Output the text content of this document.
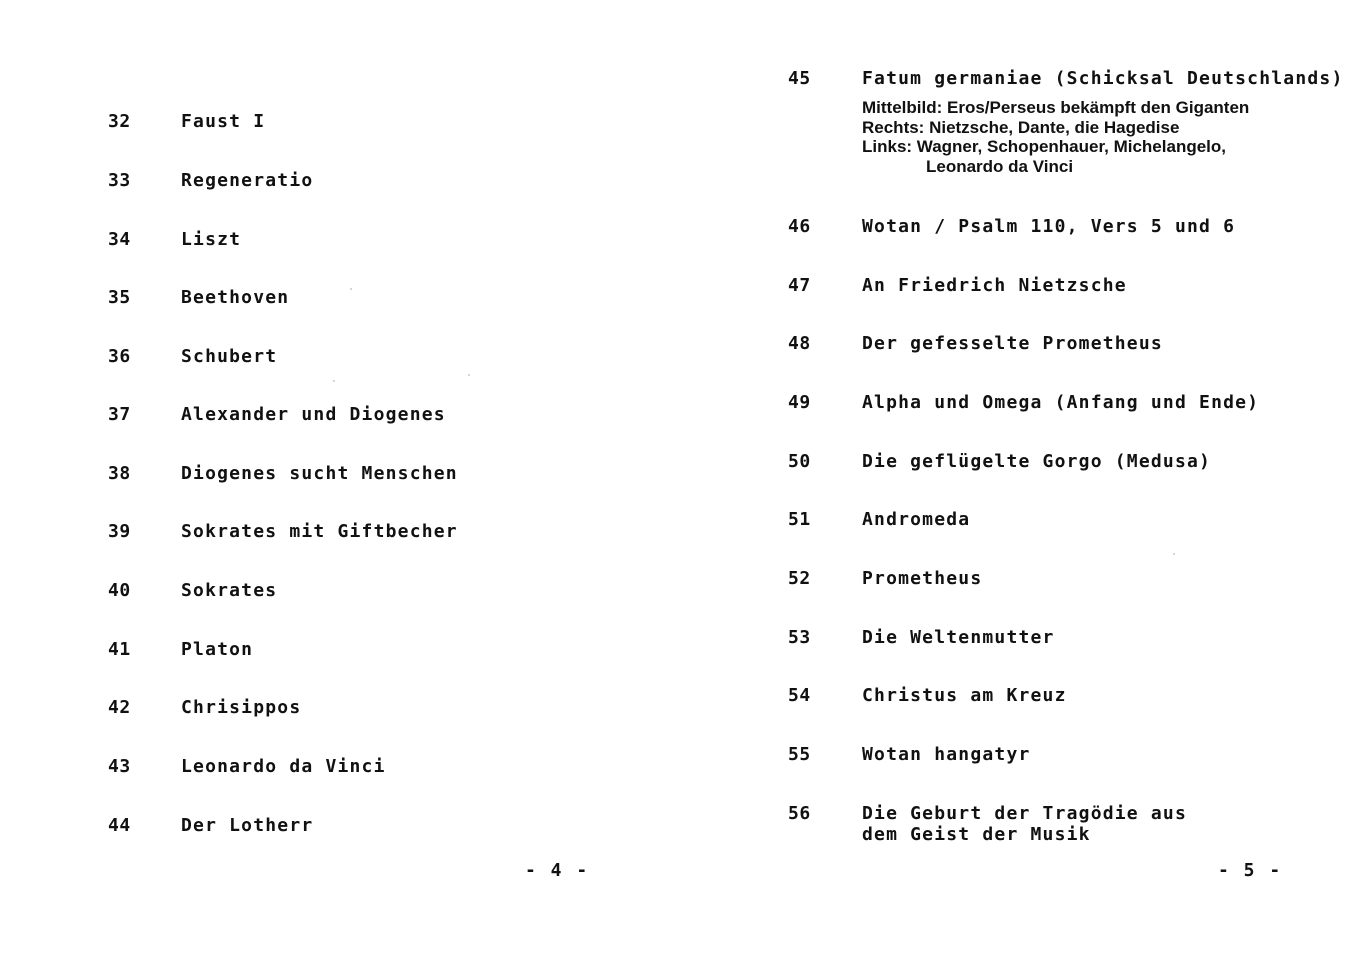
32	Faust I
33	Regeneratio
34	Liszt
35	Beethoven
36	Schubert
37	Alexander und Diogenes
38	Diogenes sucht Menschen
39	Sokrates mit Giftbecher
40	Sokrates
41	Platon
42	Chrisippos
43	Leonardo da Vinci
44	Der Lotherr
- 4 -
45	Fatum germaniae (Schicksal Deutschlands)
Mittelbild: Eros/Perseus bekämpft den Giganten
Rechts: Nietzsche, Dante, die Hagedise
Links: Wagner, Schopenhauer, Michelangelo,
Leonardo da Vinci
46	Wotan / Psalm 110, Vers 5 und 6
47	An Friedrich Nietzsche
48	Der gefesselte Prometheus
49	Alpha und Omega (Anfang und Ende)
50	Die geflügelte Gorgo (Medusa)
51	Andromeda
52	Prometheus
53	Die Weltenmutter
54	Christus am Kreuz
55	Wotan hangatyr
56	Die Geburt der Tragödie aus
dem Geist der Musik
- 5 -
